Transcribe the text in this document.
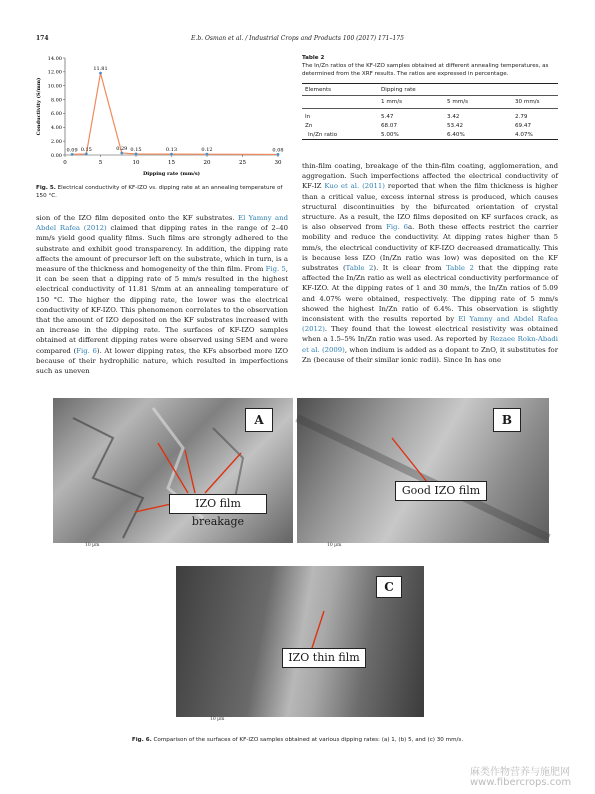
E.b. Osman et al. / Industrial Crops and Products 100 (2017) 171–175
174
0.00
2.00
4.00
6.00
8.00
10.00
12.00
14.00
0	5	10	15	20	25	30
Dipping rate (mm/s)
Conductivity (S/mm)
0.09 0.15
11.81
0.29 0.15	0.13	0.12	0.08
Fig. 5. Electrical conductivity of KF-IZO vs. dipping rate at an annealing temperature of 150 °C.
sion of the IZO film deposited onto the KF substrates. El Yamny and Abdel Rafea (2012) claimed that dipping rates in the range of 2–40 mm/s yield good quality films. Such films are strongly adhered to the substrate and exhibit good transparency. In addition, the dipping rate affects the amount of precursor left on the substrate, which in turn, is a measure of the thickness and homogeneity of the thin film. From Fig. 5, it can be seen that a dipping rate of 5 mm/s resulted in the highest electrical conductivity of 11.81 S/mm at an annealing temperature of 150 °C. The higher the dipping rate, the lower was the electrical conductivity of KF-IZO. This phenomenon correlates to the observation that the amount of IZO deposited on the KF substrates increased with an increase in the dipping rate. The surfaces of KF-IZO samples obtained at different dipping rates were observed using SEM and were compared (Fig. 6). At lower dipping rates, the KFs absorbed more IZO because of their hydrophilic nature, which resulted in imperfections such as uneven
Table 2
The In/Zn ratios of the KF-IZO samples obtained at different annealing temperatures, as determined from the XRF results. The ratios are expressed in percentage.
Elements	Dipping rate		
	1 mm/s	5 mm/s	30 mm/s
In	5.47	3.42	2.79
Zn	68.07	53.42	69.47
In/Zn ratio	5.00%	6.40%	4.07%
thin-film coating, breakage of the thin-film coating, agglomeration, and aggregation. Such imperfections affected the electrical conductivity of KF-IZ Kuo et al. (2011) reported that when the film thickness is higher than a critical value, excess internal stress is produced, which causes structural discontinuities by the bifurcated orientation of crystal structure. As a result, the IZO films deposited on KF surfaces crack, as is also observed from Fig. 6a. Both these effects restrict the carrier mobility and reduce the conductivity. At dipping rates higher than 5 mm/s, the electrical conductivity of KF-IZO decreased dramatically. This is because less IZO (In/Zn ratio was low) was deposited on the KF substrates (Table 2). It is clear from Table 2 that the dipping rate affected the In/Zn ratio as well as electrical conductivity performance of KF-IZO. At the dipping rates of 1 and 30 mm/s, the In/Zn ratios of 5.09 and 4.07% were obtained, respectively. The dipping rate of 5 mm/s showed the highest In/Zn ratio of 6.4%. This observation is slightly inconsistent with the results reported by El Yamny and Abdel Rafea (2012). They found that the lowest electrical resistivity was obtained when a 1.5–5% In/Zn ratio was used. As reported by Rezaee Rokn-Abadi et al. (2009), when indium is added as a dopant to ZnO, it substitutes for Zn (because of their similar ionic radii). Since In has one
A
IZO film breakage
10 µm
B
Good IZO film
10 µm
C
IZO thin film
10 µm
Fig. 6. Comparison of the surfaces of KF-IZO samples obtained at various dipping rates: (a) 1, (b) 5, and (c) 30 mm/s.
麻类作物营养与施肥网
www.fibercrops.com
